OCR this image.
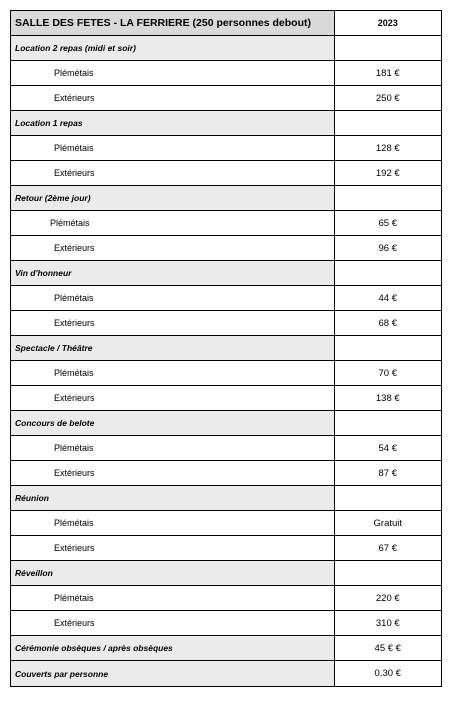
SALLE DES FETES - LA FERRIERE (250 personnes debout)	2023
Location 2 repas (midi et soir)
Plémétais	181 €
Extérieurs	250 €
Location 1 repas
Plémétais	128 €
Extérieurs	192 €
Retour (2ème jour)
Plémétais	65 €
Extérieurs	96 €
Vin d'honneur
Plémétais	44 €
Extérieurs	68 €
Spectacle / Théâtre
Plémétais	70 €
Extérieurs	138 €
Concours de belote
Plémétais	54 €
Extérieurs	87 €
Réunion
Plémétais	Gratuit
Extérieurs	67 €
Réveillon
Plémétais	220 €
Extérieurs	310 €
Cérémonie obsèques / après obsèques	45 € €
Couverts par personne	0.30 €
